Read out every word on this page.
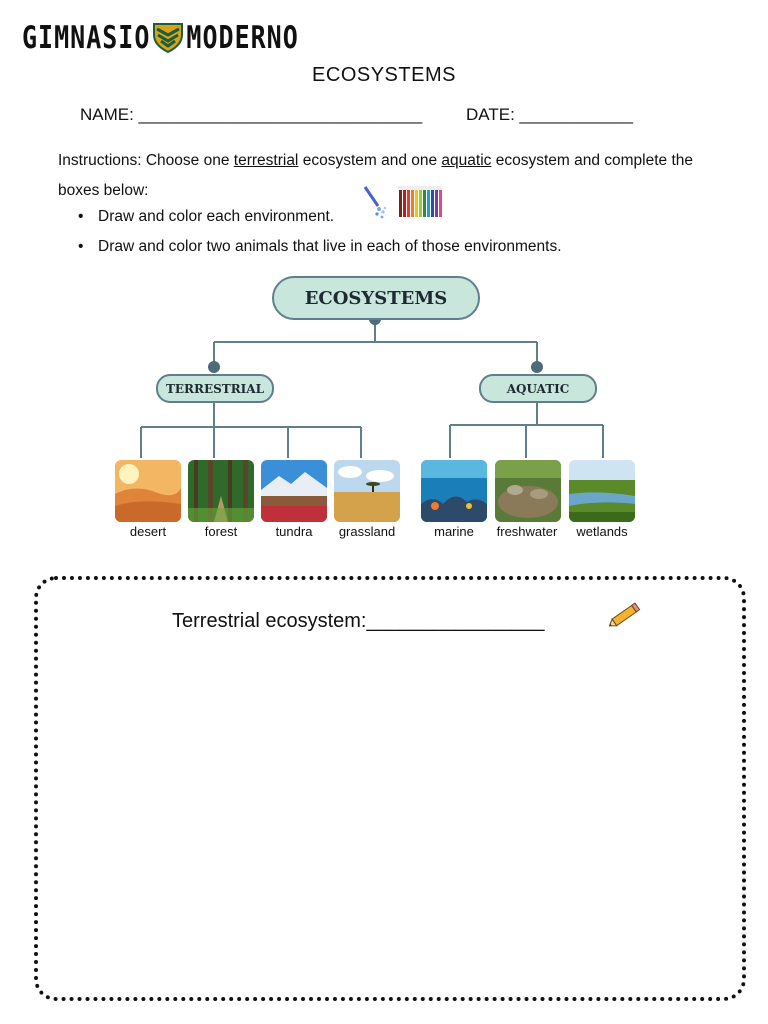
GIMNASIO MODERNO
ECOSYSTEMS
NAME: ______________________________	DATE: ____________
Instructions: Choose one terrestrial ecosystem and one aquatic ecosystem and complete the boxes below:
• Draw and color each environment.
• Draw and color two animals that live in each of those environments.
ECOSYSTEMS
TERRESTRIAL	AQUATIC
desert	forest	tundra	grassland	marine	freshwater	wetlands
Terrestrial ecosystem:________________
